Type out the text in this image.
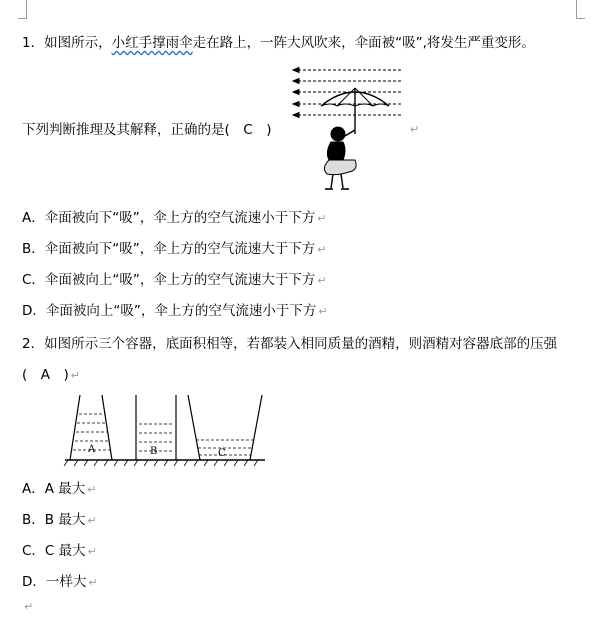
1．如图所示，小红手撑雨伞走在路上，一阵大风吹来，伞面被“吸”,将发生严重变形。
下列判断推理及其解释，正确的是(　C　)	↵
A．伞面被向下“吸”，伞上方的空气流速小于下方 ↵
B．伞面被向下“吸”，伞上方的空气流速大于下方 ↵
C．伞面被向上“吸”，伞上方的空气流速大于下方 ↵
D．伞面被向上“吸”，伞上方的空气流速小于下方 ↵
2．如图所示三个容器，底面积相等，若都装入相同质量的酒精，则酒精对容器底部的压强
(　A　) ↵
A	B	C
A．A 最大 ↵
B．B 最大 ↵
C．C 最大 ↵
D．一样大 ↵
↵
